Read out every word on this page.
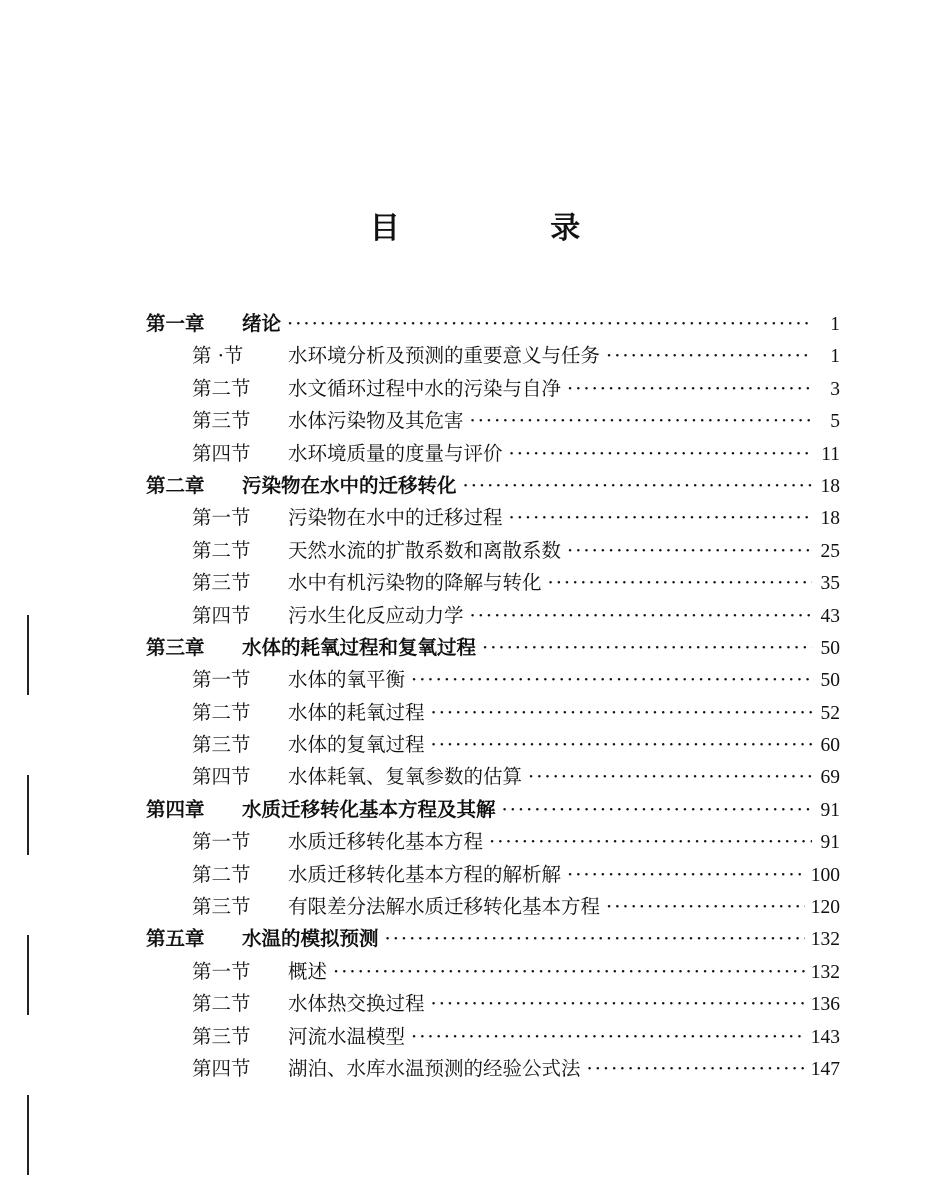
目 录
第一章	绪论 ·····	1
第 ·节	水环境分析及预测的重要意义与任务 ·····	1
第二节	水文循环过程中水的污染与自净 ·····	3
第三节	水体污染物及其危害 ·····	5
第四节	水环境质量的度量与评价 ·····	11
第二章	污染物在水中的迁移转化 ·····	18
第一节	污染物在水中的迁移过程 ·····	18
第二节	天然水流的扩散系数和离散系数 ·····	25
第三节	水中有机污染物的降解与转化 ·····	35
第四节	污水生化反应动力学 ·····	43
第三章	水体的耗氧过程和复氧过程 ·····	50
第一节	水体的氧平衡 ·····	50
第二节	水体的耗氧过程 ·····	52
第三节	水体的复氧过程 ·····	60
第四节	水体耗氧、复氧参数的估算 ·····	69
第四章	水质迁移转化基本方程及其解 ·····	91
第一节	水质迁移转化基本方程 ·····	91
第二节	水质迁移转化基本方程的解析解 ·····	100
第三节	有限差分法解水质迁移转化基本方程 ·····	120
第五章	水温的模拟预测 ·····	132
第一节	概述 ·····	132
第二节	水体热交换过程 ·····	136
第三节	河流水温模型 ·····	143
第四节	湖泊、水库水温预测的经验公式法 ·····	147
